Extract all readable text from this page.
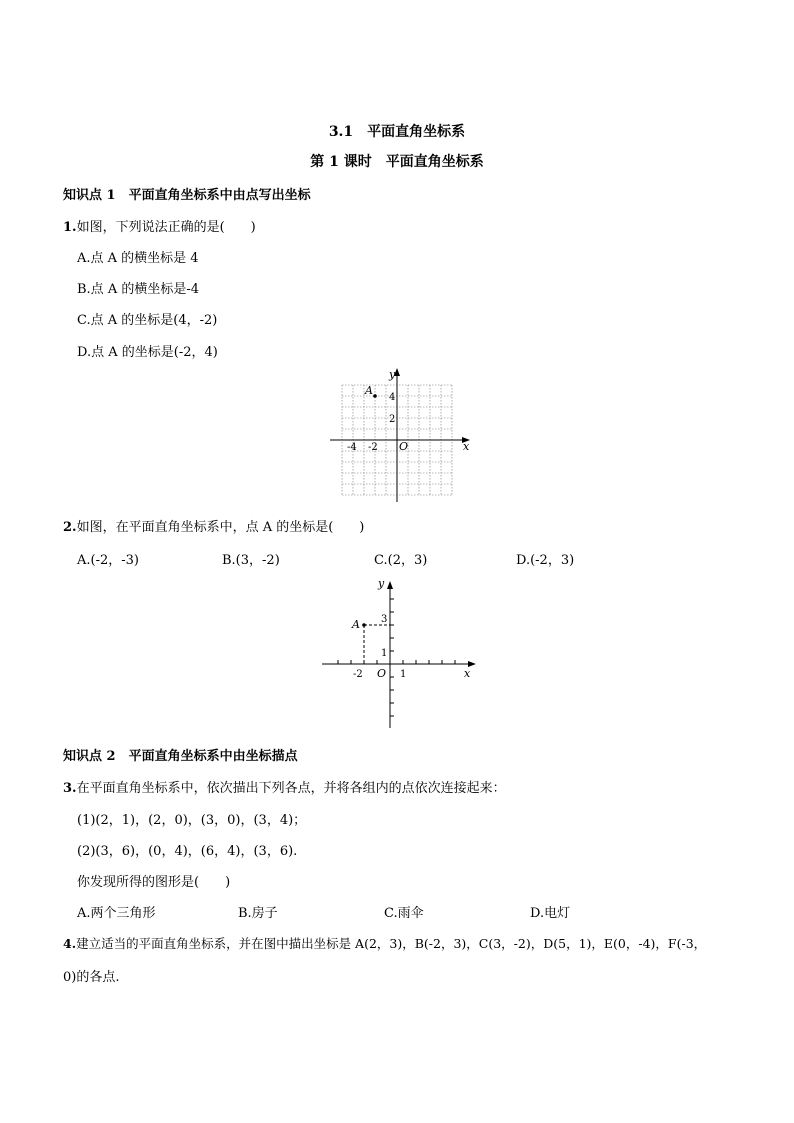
3.1　平面直角坐标系
第 1 课时　平面直角坐标系
知识点 1　平面直角坐标系中由点写出坐标
1.如图，下列说法正确的是(　　)
A.点 A 的横坐标是 4
B.点 A 的横坐标是-4
C.点 A 的坐标是(4，-2)
D.点 A 的坐标是(-2，4)
A
y
x
O
4
2
-4 -2
2.如图，在平面直角坐标系中，点 A 的坐标是(　　)
A.(-2，-3)	B.(3，-2)	C.(2，3)	D.(-2，3)
A
y
x
O
3
1
-2	1
知识点 2　平面直角坐标系中由坐标描点
3.在平面直角坐标系中，依次描出下列各点，并将各组内的点依次连接起来：
(1)(2，1)，(2，0)，(3，0)，(3，4)；
(2)(3，6)，(0，4)，(6，4)，(3，6).
你发现所得的图形是(　　)
A.两个三角形	B.房子	C.雨伞	D.电灯
4.建立适当的平面直角坐标系，并在图中描出坐标是 A(2，3)，B(-2，3)，C(3，-2)，D(5，1)，E(0，-4)，F(-3，
0)的各点.
